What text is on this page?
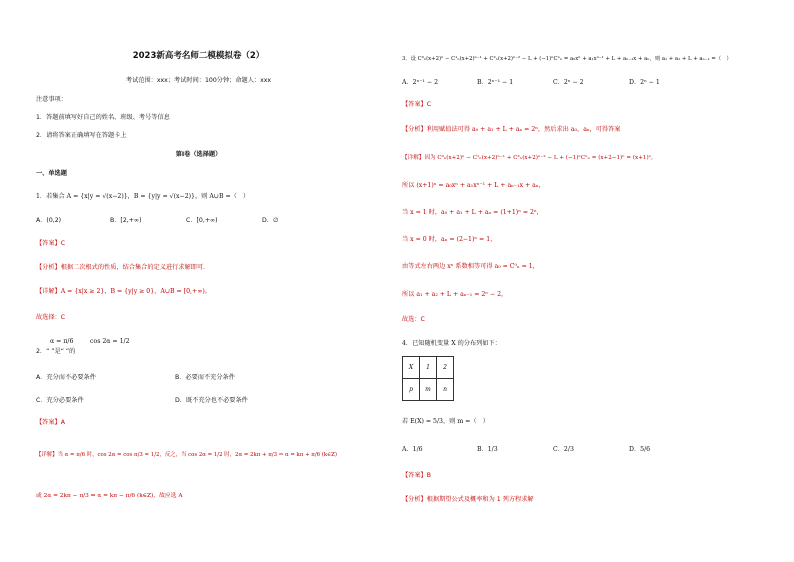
2023新高考名师二模模拟卷（2）
考试范围：xxx；考试时间：100分钟；命题人：xxx
注意事项：
1．答题前填写好自己的姓名、班级、考号等信息
2．请将答案正确填写在答题卡上
第Ⅰ卷（选择题）
一、单选题
1．若集合 A = {x|y = √(x−2)}，B = {y|y = √(x−2)}，则 A∪B =（　）
A．(0,2)	B．[2,+∞)	C．[0,+∞)	D．∅
【答案】C
【分析】根据二次根式的性质，结合集合的定义进行求解即可.
【详解】A = {x|x ≥ 2}，B = {y|y ≥ 0}，A∪B = [0,+∞)。
故选择：C
α = π/6	cos 2α = 1/2
2．“ ”是“ ”的
A．充分而不必要条件	B．必要而不充分条件
C．充分必要条件	D．既不充分也不必要条件
【答案】A
【详解】当 α = π/6 时，cos 2α = cos π/3 = 1/2，反之，当 cos 2α = 1/2 时，2α = 2kπ + π/3 ⇒ α = kπ + π/6 (k∈Z)
或 2α = 2kπ − π/3 ⇒ α = kπ − π/6 (k∈Z)，故应选 A
3．设 C⁰ₙ(x+2)ⁿ − C¹ₙ(x+2)ⁿ⁻¹ + C²ₙ(x+2)ⁿ⁻² − L + (−1)ⁿCⁿₙ = a₀xⁿ + a₁xⁿ⁻¹ + L + aₙ₋₁x + aₙ，则 a₁ + a₂ + L + aₙ₋₁ =（　）
A．2ⁿ⁻¹ − 2	B．2ⁿ⁻¹ − 1	C．2ⁿ − 2	D．2ⁿ − 1
【答案】C
【分析】利用赋值法可得 a₀ + a₁ + L + aₙ = 2ⁿ，然后求出 a₀，aₙ，可得答案
【详解】因为 C⁰ₙ(x+2)ⁿ − C¹ₙ(x+2)ⁿ⁻¹ + C²ₙ(x+2)ⁿ⁻² − L + (−1)ⁿCⁿₙ = (x+2−1)ⁿ = (x+1)ⁿ，
所以 (x+1)ⁿ = a₀xⁿ + a₁xⁿ⁻¹ + L + aₙ₋₁x + aₙ，
当 x = 1 时，a₀ + a₁ + L + aₙ = (1+1)ⁿ = 2ⁿ，
当 x = 0 时，aₙ = (2−1)ⁿ = 1，
由等式左右两边 xⁿ 系数相等可得 a₀ = C⁰ₙ = 1，
所以 a₁ + a₂ + L + aₙ₋₁ = 2ⁿ − 2，
故选：C
4．已知随机变量 X 的分布列如下：
X	1	2
p	m	n
若 E(X) = 5/3，则 m =（　）
A．1/6	B．1/3	C．2/3	D．5/6
【答案】B
【分析】根据期望公式及概率和为 1 列方程求解
